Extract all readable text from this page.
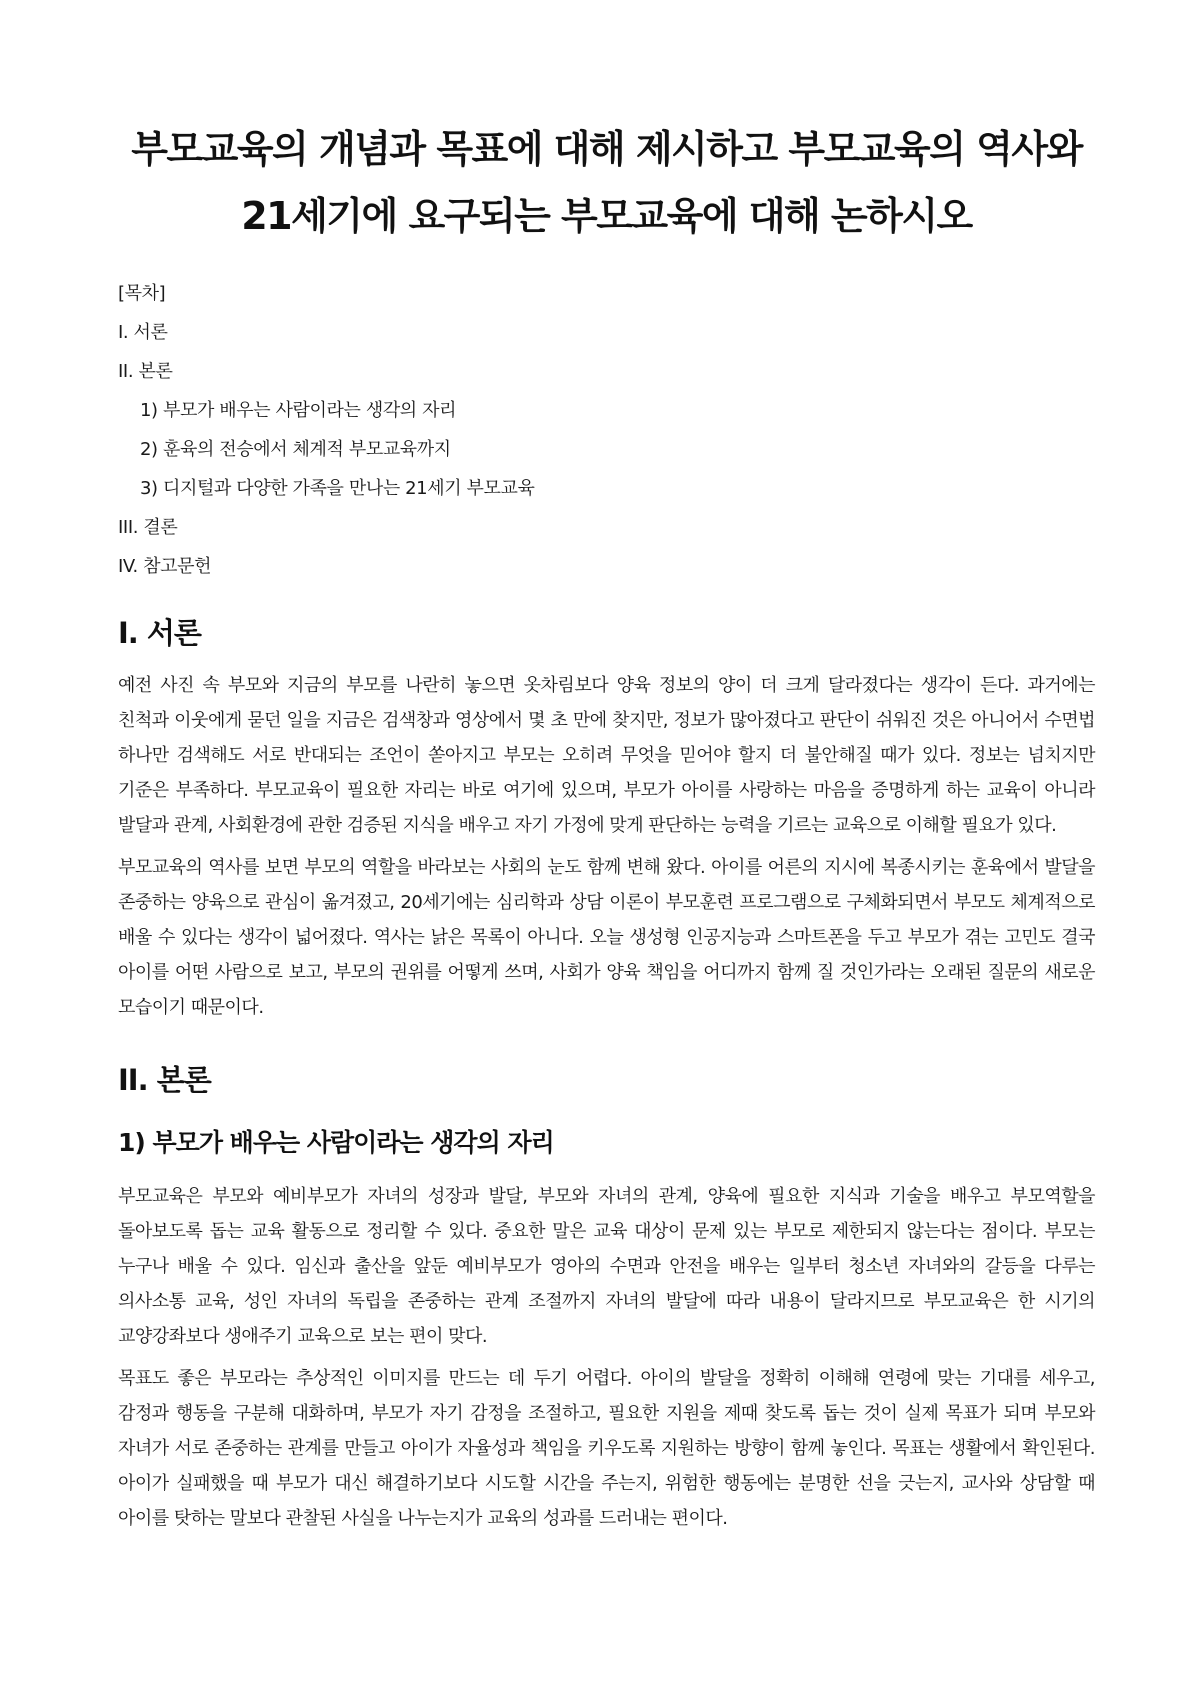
부모교육의 개념과 목표에 대해 제시하고 부모교육의 역사와
21세기에 요구되는 부모교육에 대해 논하시오
[목차]
I. 서론
II. 본론
1) 부모가 배우는 사람이라는 생각의 자리
2) 훈육의 전승에서 체계적 부모교육까지
3) 디지털과 다양한 가족을 만나는 21세기 부모교육
III. 결론
IV. 참고문헌
I. 서론

예전 사진 속 부모와 지금의 부모를 나란히 놓으면 옷차림보다 양육 정보의 양이 더 크게 달라졌다는 생각이 든다. 과거에는 친척과 이웃에게 묻던 일을 지금은 검색창과 영상에서 몇 초 만에 찾지만, 정보가 많아졌다고 판단이 쉬워진 것은 아니어서 수면법 하나만 검색해도 서로 반대되는 조언이 쏟아지고 부모는 오히려 무엇을 믿어야 할지 더 불안해질 때가 있다. 정보는 넘치지만 기준은 부족하다. 부모교육이 필요한 자리는 바로 여기에 있으며, 부모가 아이를 사랑하는 마음을 증명하게 하는 교육이 아니라 발달과 관계, 사회환경에 관한 검증된 지식을 배우고 자기 가정에 맞게 판단하는 능력을 기르는 교육으로 이해할 필요가 있다.

부모교육의 역사를 보면 부모의 역할을 바라보는 사회의 눈도 함께 변해 왔다. 아이를 어른의 지시에 복종시키는 훈육에서 발달을 존중하는 양육으로 관심이 옮겨졌고, 20세기에는 심리학과 상담 이론이 부모훈련 프로그램으로 구체화되면서 부모도 체계적으로 배울 수 있다는 생각이 넓어졌다. 역사는 낡은 목록이 아니다. 오늘 생성형 인공지능과 스마트폰을 두고 부모가 겪는 고민도 결국 아이를 어떤 사람으로 보고, 부모의 권위를 어떻게 쓰며, 사회가 양육 책임을 어디까지 함께 질 것인가라는 오래된 질문의 새로운 모습이기 때문이다.

II. 본론
1) 부모가 배우는 사람이라는 생각의 자리

부모교육은 부모와 예비부모가 자녀의 성장과 발달, 부모와 자녀의 관계, 양육에 필요한 지식과 기술을 배우고 부모역할을 돌아보도록 돕는 교육 활동으로 정리할 수 있다. 중요한 말은 교육 대상이 문제 있는 부모로 제한되지 않는다는 점이다. 부모는 누구나 배울 수 있다. 임신과 출산을 앞둔 예비부모가 영아의 수면과 안전을 배우는 일부터 청소년 자녀와의 갈등을 다루는 의사소통 교육, 성인 자녀의 독립을 존중하는 관계 조절까지 자녀의 발달에 따라 내용이 달라지므로 부모교육은 한 시기의 교양강좌보다 생애주기 교육으로 보는 편이 맞다.

목표도 좋은 부모라는 추상적인 이미지를 만드는 데 두기 어렵다. 아이의 발달을 정확히 이해해 연령에 맞는 기대를 세우고, 감정과 행동을 구분해 대화하며, 부모가 자기 감정을 조절하고, 필요한 지원을 제때 찾도록 돕는 것이 실제 목표가 되며 부모와 자녀가 서로 존중하는 관계를 만들고 아이가 자율성과 책임을 키우도록 지원하는 방향이 함께 놓인다. 목표는 생활에서 확인된다. 아이가 실패했을 때 부모가 대신 해결하기보다 시도할 시간을 주는지, 위험한 행동에는 분명한 선을 긋는지, 교사와 상담할 때 아이를 탓하는 말보다 관찰된 사실을 나누는지가 교육의 성과를 드러내는 편이다.
